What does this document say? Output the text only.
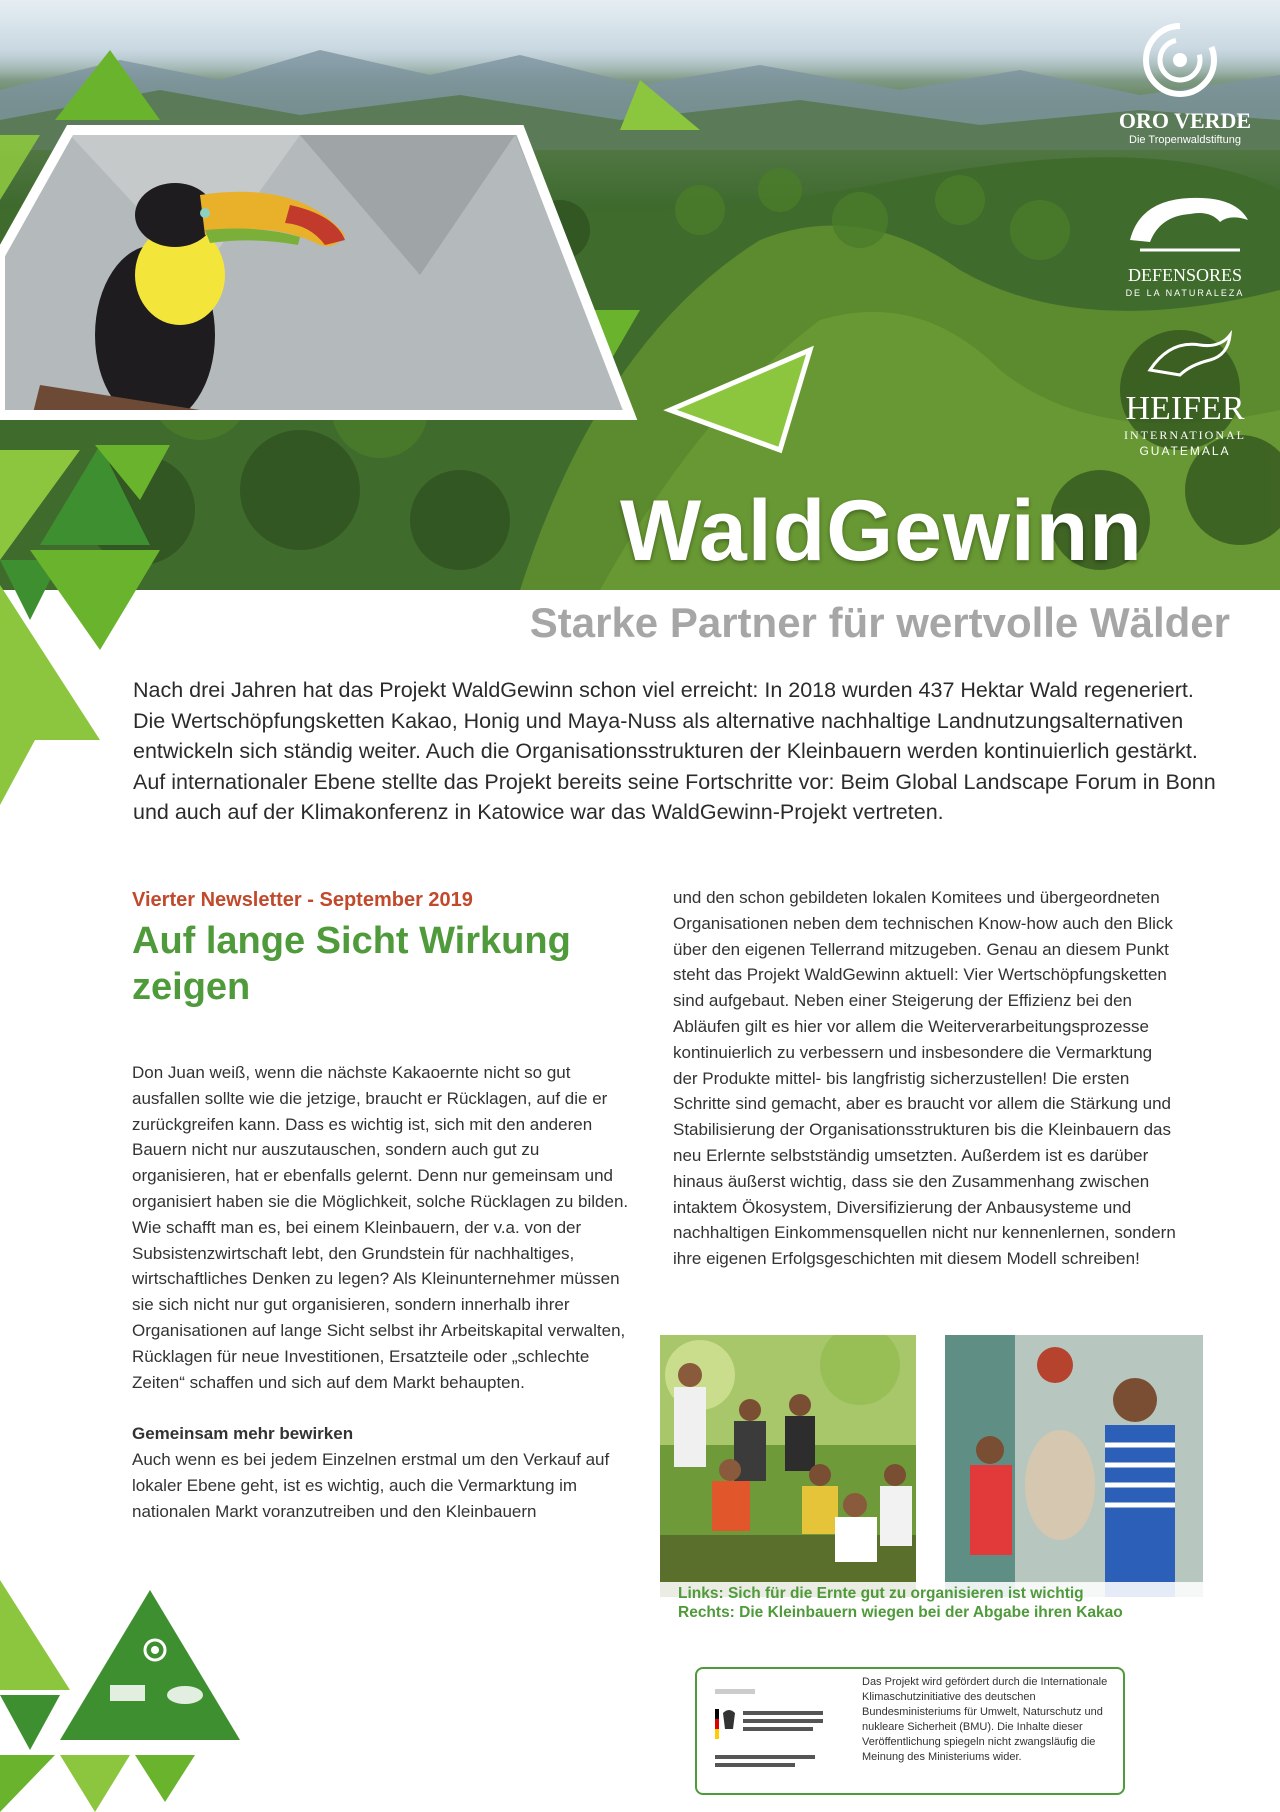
ORO VERDE
Die Tropenwaldstiftung
DEFENSORES
DE LA NATURALEZA
HEIFER
INTERNATIONAL
GUATEMALA
WaldGewinn
Starke Partner für wertvolle Wälder

Nach drei Jahren hat das Projekt WaldGewinn schon viel erreicht: In 2018 wurden 437 Hektar Wald regeneriert. Die Wertschöpfungsketten Kakao, Honig und Maya-Nuss als alternative nachhaltige Landnutzungsalternativen entwickeln sich ständig weiter. Auch die Organisationsstrukturen der Kleinbauern werden kontinuierlich gestärkt. Auf internationaler Ebene stellte das Projekt bereits seine Fortschritte vor: Beim Global Landscape Forum in Bonn und auch auf der Klimakonferenz in Katowice war das WaldGewinn-Projekt vertreten.

Vierter Newsletter - September 2019

Auf lange Sicht Wirkung zeigen

Don Juan weiß, wenn die nächste Kakaoernte nicht so gut ausfallen sollte wie die jetzige, braucht er Rücklagen, auf die er zurückgreifen kann. Dass es wichtig ist, sich mit den anderen Bauern nicht nur auszutauschen, sondern auch gut zu organisieren, hat er ebenfalls gelernt. Denn nur gemeinsam und organisiert haben sie die Möglichkeit, solche Rücklagen zu bilden. Wie schafft man es, bei einem Kleinbauern, der v.a. von der Subsistenzwirtschaft lebt, den Grundstein für nachhaltiges, wirtschaftliches Denken zu legen? Als Kleinunternehmer müssen sie sich nicht nur gut organisieren, sondern innerhalb ihrer Organisationen auf lange Sicht selbst ihr Arbeitskapital verwalten, Rücklagen für neue Investitionen, Ersatzteile oder „schlechte Zeiten“ schaffen und sich auf dem Markt behaupten.

Gemeinsam mehr bewirken

Auch wenn es bei jedem Einzelnen erstmal um den Verkauf auf lokaler Ebene geht, ist es wichtig, auch die Vermarktung im nationalen Markt voranzutreiben und den Kleinbauern

und den schon gebildeten lokalen Komitees und übergeordneten Organisationen neben dem technischen Know-how auch den Blick über den eigenen Tellerrand mitzugeben. Genau an diesem Punkt steht das Projekt WaldGewinn aktuell: Vier Wertschöpfungsketten sind aufgebaut. Neben einer Steigerung der Effizienz bei den Abläufen gilt es hier vor allem die Weiterverarbeitungsprozesse kontinuierlich zu verbessern und insbesondere die Vermarktung der Produkte mittel- bis langfristig sicherzustellen! Die ersten Schritte sind gemacht, aber es braucht vor allem die Stärkung und Stabilisierung der Organisationsstrukturen bis die Kleinbauern das neu Erlernte selbstständig umsetzten. Außerdem ist es darüber hinaus äußerst wichtig, dass sie den Zusammenhang zwischen intaktem Ökosystem, Diversifizierung der Anbausysteme und nachhaltigen Einkommensquellen nicht nur kennenlernen, sondern ihre eigenen Erfolgsgeschichten mit diesem Modell schreiben!

Links: Sich für die Ernte gut zu organisieren ist wichtig
Rechts: Die Kleinbauern wiegen bei der Abgabe ihren Kakao
Das Projekt wird gefördert durch die Internationale Klimaschutzinitiative des deutschen Bundesministeriums für Umwelt, Naturschutz und nukleare Sicherheit (BMU). Die Inhalte dieser Veröffentlichung spiegeln nicht zwangsläufig die Meinung des Ministeriums wider.
